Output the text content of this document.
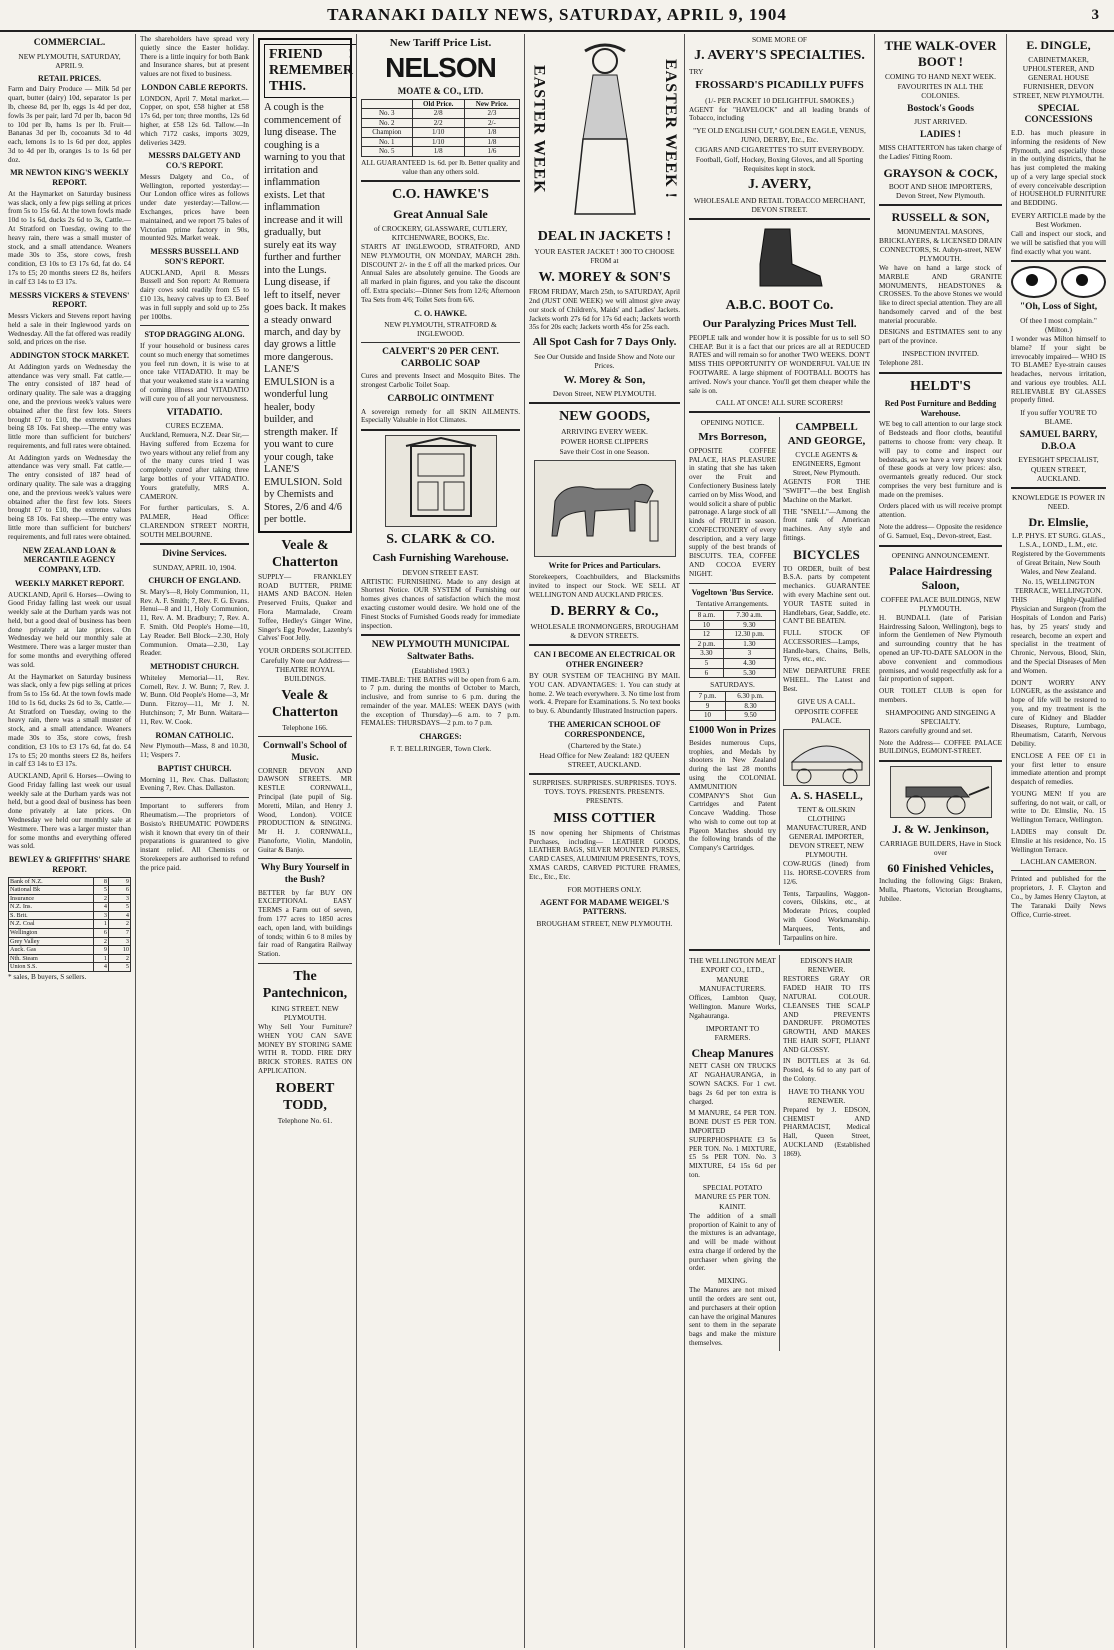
TARANAKI DAILY NEWS, SATURDAY, APRIL 9, 1904	3
COMMERCIAL.
NEW PLYMOUTH, SATURDAY, APRIL 9.
RETAIL PRICES.
Farm and Dairy Produce — Milk 5d per quart, butter (dairy) 10d, separator 1s per lb, cheese 8d, per lb, eggs 1s 4d per doz, fowls 3s per pair, lard 7d per lb, bacon 9d to 10d per lb, hams 1s per lb. Fruit—Bananas 3d per lb, cocoanuts 3d to 4d each, lemons 1s to 1s 6d per doz, apples 3d to 4d per lb, oranges 1s to 1s 6d per doz.
MR NEWTON KING'S WEEKLY REPORT.
At the Haymarket on Saturday business was slack, only a few pigs selling at prices from 5s to 15s 6d. At the town fowls made 10d to 1s 6d, ducks 2s 6d to 3s, Cattle.—At Stratford on Tuesday, owing to the heavy rain, there was a small muster of stock, and a small attendance. Weaners made 30s to 35s, store cows, fresh condition, £3 10s to £3 17s 6d, fat do. £4 17s to £5; 20 months steers £2 8s, heifers in calf £3 14s to £3 17s.
MESSRS VICKERS & STEVENS' REPORT.
Messrs Vickers and Stevens report having held a sale in their Inglewood yards on Wednesday. All the fat offered was readily sold, and prices on the rise.
ADDINGTON STOCK MARKET.
At Addington yards on Wednesday the attendance was very small. Fat cattle.—The entry consisted of 187 head of ordinary quality. The sale was a dragging one, and the previous week's values were obtained after the first few lots. Steers brought £7 to £10, the extreme values being £8 10s. Fat sheep.—The entry was little more than sufficient for butchers' requirements, and full rates were obtained.
At Addington yards on Wednesday the attendance was very small. Fat cattle.—The entry consisted of 187 head of ordinary quality. The sale was a dragging one, and the previous week's values were obtained after the first few lots. Steers brought £7 to £10, the extreme values being £8 10s. Fat sheep.—The entry was little more than sufficient for butchers' requirements, and full rates were obtained.
NEW ZEALAND LOAN & MERCANTILE AGENCY COMPANY, LTD.
WEEKLY MARKET REPORT.
AUCKLAND, April 6. Horses—Owing to Good Friday falling last week our usual weekly sale at the Durham yards was not held, but a good deal of business has been done privately at late prices. On Wednesday we held our monthly sale at Westmere. There was a larger muster than for some months and everything offered was sold.
At the Haymarket on Saturday business was slack, only a few pigs selling at prices from 5s to 15s 6d. At the town fowls made 10d to 1s 6d, ducks 2s 6d to 3s, Cattle.—At Stratford on Tuesday, owing to the heavy rain, there was a small muster of stock, and a small attendance. Weaners made 30s to 35s, store cows, fresh condition, £3 10s to £3 17s 6d, fat do. £4 17s to £5; 20 months steers £2 8s, heifers in calf £3 14s to £3 17s.
AUCKLAND, April 6. Horses—Owing to Good Friday falling last week our usual weekly sale at the Durham yards was not held, but a good deal of business has been done privately at late prices. On Wednesday we held our monthly sale at Westmere. There was a larger muster than for some months and everything offered was sold.
BEWLEY & GRIFFITHS' SHARE REPORT.
Bank of N.Z.	8	9
National Bk	5	6
Insurance	2	3
N.Z. Ins.	4	5
S. Brit.	3	4
N.Z. Coal	1	2
Wellington	6	7
Grey Valley	2	3
Auck. Gas	9	10
Nth. Steam	1	2
Union S.S.	4	5
* sales, B buyers, S sellers.
The shareholders have spread very quietly since the Easter holiday. There is a little inquiry for both Bank and Insurance shares, but at present values are not fixed to business.
LONDON CABLE REPORTS.
LONDON, April 7. Metal market.—Copper, on spot, £58 higher at £58 17s 6d, per ton; three months, 12s 6d higher, at £58 12s 6d. Tallow.—In which 7172 casks, imports 3029, deliveries 3429.
MESSRS DALGETY AND CO.'S REPORT.
Messrs Dalgety and Co., of Wellington, reported yesterday:— Our London office wires as follows under date yesterday:—Tallow.—Exchanges, prices have been maintained, and we report 75 bales of Victorian prime factory in 90s, mounted 92s. Market weak.
MESSRS BUSSELL AND SON'S REPORT.
AUCKLAND, April 8. Messrs Bussell and Son report: At Remuera dairy cows sold readily from £5 to £10 13s, heavy calves up to £3. Beef was in full supply and sold up to 25s per 100lbs.
STOP DRAGGING ALONG.
If your household or business cares count so much energy that sometimes you feel run down, it is wise to at once take VITADATIO. It may be that your weakened state is a warning of coming illness and VITADATIO will cure you of all your nervousness.
VITADATIO.
CURES ECZEMA.
Auckland, Remuera, N.Z. Dear Sir,—Having suffered from Eczema for two years without any relief from any of the many cures tried I was completely cured after taking three large bottles of your VITADATIO. Yours gratefully, MRS A. CAMERON.
For further particulars, S. A. PALMER, Head Office: CLARENDON STREET NORTH, SOUTH MELBOURNE.
Divine Services.
SUNDAY, APRIL 10, 1904.
CHURCH OF ENGLAND.
St. Mary's—8, Holy Communion, 11, Rev. A. F. Smith; 7, Rev. F. G. Evans. Henui—8 and 11, Holy Communion, 11, Rev. A. M. Bradbury; 7, Rev. A. F. Smith. Old People's Home—10, Lay Reader. Bell Block—2.30, Holy Communion. Omata—2.30, Lay Reader.
METHODIST CHURCH.
Whiteley Memorial—11, Rev. Cornell, Rev. J. W. Bunn; 7, Rev. J. W. Bunn. Old People's Home—3, Mr Dunn. Fitzroy—11, Mr J. N. Hutchinson; 7, Mr Bunn. Waitara—11, Rev. W. Cook.
ROMAN CATHOLIC.
New Plymouth—Mass, 8 and 10.30, 11; Vespers 7.
BAPTIST CHURCH.
Morning 11, Rev. Chas. Dallaston; Evening 7, Rev. Chas. Dallaston.
Important to sufferers from Rheumatism.—The proprietors of Bosisto's RHEUMATIC POWDERS wish it known that every tin of their preparations is guaranteed to give instant relief. All Chemists or Storekeepers are authorised to refund the price paid.
FRIEND ! REMEMBER THIS.
A cough is the commencement of lung disease. The coughing is a warning to you that irritation and inflammation exists. Let that inflammation increase and it will gradually, but surely eat its way further and further into the Lungs. Lung disease, if left to itself, never goes back. It makes a steady onward march, and day by day grows a little more dangerous. LANE'S EMULSION is a wonderful lung healer, body builder, and strength maker. If you want to cure your cough, take LANE'S EMULSION. Sold by Chemists and Stores, 2/6 and 4/6 per bottle.
Veale & Chatterton
SUPPLY— FRANKLEY ROAD BUTTER, PRIME HAMS AND BACON. Helen Preserved Fruits, Quaker and Flora Marmalade, Cream Toffee, Hedley's Ginger Wine, Singer's Egg Powder, Lazenby's Calves' Foot Jelly.
YOUR ORDERS SOLICITED.
Carefully Note our Address— THEATRE ROYAL BUILDINGS.
Veale & Chatterton
Telephone 166.
Cornwall's School of Music.
CORNER DEVON AND DAWSON STREETS. MR KESTLE CORNWALL, Principal (late pupil of Sig. Moretti, Milan, and Henry J. Wood, London). VOICE PRODUCTION & SINGING. Mr H. J. CORNWALL, Pianoforte, Violin, Mandolin, Guitar & Banjo.
Why Bury Yourself in the Bush?
BETTER by far BUY ON EXCEPTIONAL EASY TERMS a Farm out of seven, from 177 acres to 1850 acres each, open land, with buildings of tonds; within 6 to 8 miles by fair road of Rangatira Railway Station.
The Pantechnicon,
KING STREET. NEW PLYMOUTH.
Why Sell Your Furniture? WHEN YOU CAN SAVE MONEY BY STORING SAME WITH R. TODD. FIRE DRY BRICK STORES. RATES ON APPLICATION.
ROBERT TODD,
Telephone No. 61.
New Tariff Price List.
NELSON
MOATE & CO., LTD.
	Old Price.	New Price.
No. 3	2/8	2/3
No. 2	2/2	2/-
Champion	1/10	1/8
No. 1	1/10	1/8
No. 5	1/8	1/6
ALL GUARANTEED 1s. 6d. per lb. Better quality and value than any others sold.
C.O. HAWKE'S
Great Annual Sale
of CROCKERY, GLASSWARE, CUTLERY, KITCHENWARE, BOOKS, Etc.
STARTS AT INGLEWOOD, STRATFORD, AND NEW PLYMOUTH, ON MONDAY, MARCH 28th. DISCOUNT 2/- in the £ off all the marked prices. Our Annual Sales are absolutely genuine. The Goods are all marked in plain figures, and you take the discount off. Extra specials:—Dinner Sets from 12/6; Afternoon Tea Sets from 4/6; Toilet Sets from 6/6.
C. O. HAWKE.
NEW PLYMOUTH, STRATFORD & INGLEWOOD.
CALVERT'S 20 PER CENT. CARBOLIC SOAP
Cures and prevents Insect and Mosquito Bites. The strongest Carbolic Toilet Soap.
CARBOLIC OINTMENT
A sovereign remedy for all SKIN AILMENTS. Especially Valuable in Hot Climates.
S. CLARK & CO.
Cash Furnishing Warehouse.
DEVON STREET EAST.
ARTISTIC FURNISHING. Made to any design at Shortest Notice. OUR SYSTEM of Furnishing our homes gives chances of satisfaction which the most exacting customer would desire. We hold one of the Finest Stocks of Furnished Goods ready for immediate inspection.
NEW PLYMOUTH MUNICIPAL Saltwater Baths.
(Established 1903.)
TIME-TABLE: THE BATHS will be open from 6 a.m. to 7 p.m. during the months of October to March, inclusive, and from sunrise to 6 p.m. during the remainder of the year. MALES: WEEK DAYS (with the exception of Thursday)—6 a.m. to 7 p.m. FEMALES: THURSDAYS—2 p.m. to 7 p.m.
CHARGES:
F. T. BELLRINGER, Town Clerk.
EASTER WEEK	EASTER WEEK !
DEAL IN JACKETS !
YOUR EASTER JACKET ! 300 TO CHOOSE FROM at
W. MOREY & SON'S
FROM FRIDAY, March 25th, to SATURDAY, April 2nd (JUST ONE WEEK) we will almost give away our stock of Children's, Maids' and Ladies' Jackets. Jackets worth 27s 6d for 17s 6d each; Jackets worth 35s for 20s each; Jackets worth 45s for 25s each.
All Spot Cash for 7 Days Only.
See Our Outside and Inside Show and Note our Prices.
W. Morey & Son,
Devon Street, NEW PLYMOUTH.
NEW GOODS,
ARRIVING EVERY WEEK.
POWER HORSE CLIPPERS
Save their Cost in one Season.
Write for Prices and Particulars.
Storekeepers, Coachbuilders, and Blacksmiths invited to inspect our Stock. WE SELL AT WELLINGTON AND AUCKLAND PRICES.
D. BERRY & Co.,
WHOLESALE IRONMONGERS, BROUGHAM & DEVON STREETS.
CAN I BECOME AN ELECTRICAL OR OTHER ENGINEER?
BY OUR SYSTEM OF TEACHING BY MAIL YOU CAN. ADVANTAGES: 1. You can study at home. 2. We teach everywhere. 3. No time lost from work. 4. Prepare for Examinations. 5. No text books to buy. 6. Abundantly Illustrated Instruction papers.
THE AMERICAN SCHOOL OF CORRESPONDENCE,
(Chartered by the State.)
Head Office for New Zealand: 182 QUEEN STREET, AUCKLAND.
SURPRISES. SURPRISES. SURPRISES. TOYS. TOYS. TOYS. PRESENTS. PRESENTS. PRESENTS.
MISS COTTIER
IS now opening her Shipments of Christmas Purchases, including— LEATHER GOODS, LEATHER BAGS, SILVER MOUNTED PURSES, CARD CASES, ALUMINIUM PRESENTS, TOYS, XMAS CARDS, CARVED PICTURE FRAMES, Etc., Etc., Etc.
FOR MOTHERS ONLY.
AGENT FOR MADAME WEIGEL'S PATTERNS.
BROUGHAM STREET, NEW PLYMOUTH.
SOME MORE OF
J. AVERY'S SPECIALTIES.
TRY
FROSSARD'S PICADILLY PUFFS
(1/- PER PACKET 10 DELIGHTFUL SMOKES.)
AGENT for "HAVELOCK" and all leading brands of Tobacco, including
"YE OLD ENGLISH CUT," GOLDEN EAGLE, VENUS, JUNO, DERBY, Etc., Etc.
CIGARS AND CIGARETTES TO SUIT EVERYBODY.
Football, Golf, Hockey, Boxing Gloves, and all Sporting Requisites kept in stock.
J. AVERY,
WHOLESALE AND RETAIL TOBACCO MERCHANT, DEVON STREET.
A.B.C. BOOT Co.
Our Paralyzing Prices Must Tell.
PEOPLE talk and wonder how it is possible for us to sell SO CHEAP. But it is a fact that our prices are all at REDUCED RATES and will remain so for another TWO WEEKS. DON'T MISS THIS OPPORTUNITY OF WONDERFUL VALUE IN FOOTWARE. A large shipment of FOOTBALL BOOTS has arrived. Now's your chance. You'll get them cheaper while the sale is on.
CALL AT ONCE! ALL SURE SCORERS!
OPENING NOTICE.
Mrs Borreson,
OPPOSITE COFFEE PALACE, HAS PLEASURE in stating that she has taken over the Fruit and Confectionery Business lately carried on by Miss Wood, and would solicit a share of public patronage. A large stock of all kinds of FRUIT in season. CONFECTIONERY of every description, and a very large supply of the best brands of BISCUITS. TEA, COFFEE AND COCOA EVERY NIGHT.
Vogeltown 'Bus Service.
Tentative Arrangements.
8 a.m.	7.30 a.m.
10	9.30
12	12.30 p.m.
2 p.m.	1.30
3.30	3
5	4.30
6	5.30
SATURDAYS.
7 p.m.	6.30 p.m.
9	8.30
10	9.50
£1000 Won in Prizes
Besides numerous Cups, trophies, and Medals by shooters in New Zealand during the last 28 months using the COLONIAL AMMUNITION COMPANY'S Shot Gun Cartridges and Patent Concave Wadding. Those who wish to come out top at Pigeon Matches should try the following brands of the Company's Cartridges.
CAMPBELL AND GEORGE,
CYCLE AGENTS & ENGINEERS, Egmont Street, New Plymouth.
AGENTS FOR THE "SWIFT"—the best English Machine on the Market.
THE "SNELL"—Among the front rank of American machines. Any style and fittings.
BICYCLES
TO ORDER, built of best B.S.A. parts by competent mechanics. GUARANTEE with every Machine sent out. YOUR TASTE suited in Handlebars, Gear, Saddle, etc. CAN'T BE BEATEN.
FULL STOCK OF ACCESSORIES—Lamps, Handle-bars, Chains, Bells, Tyres, etc., etc.
NEW DEPARTURE FREE WHEEL. The Latest and Best.
GIVE US A CALL.
OPPOSITE COFFEE PALACE.
A. S. HASELL,
TENT & OILSKIN CLOTHING MANUFACTURER, AND GENERAL IMPORTER, DEVON STREET, NEW PLYMOUTH.
COW-RUGS (lined) from 11s. HORSE-COVERS from 12/6.
Tents, Tarpaulins, Waggon-covers, Oilskins, etc., at Moderate Prices, coupled with Good Workmanship. Marquees, Tents, and Tarpaulins on hire.
THE WELLINGTON MEAT EXPORT CO., LTD.,
MANURE MANUFACTURERS.
Offices, Lambton Quay, Wellington. Manure Works, Ngahauranga.
IMPORTANT TO FARMERS.
Cheap Manures
NETT CASH ON TRUCKS AT NGAHAURANGA, in SOWN SACKS. For 1 cwt. bags 2s 6d per ton extra is charged.
M MANURE, £4 PER TON. BONE DUST £5 PER TON. IMPORTED SUPERPHOSPHATE £3 5s PER TON. No. 1 MIXTURE, £5 5s PER TON. No. 3 MIXTURE, £4 15s 6d per ton.
SPECIAL POTATO MANURE £5 PER TON.
KAINIT.
The addition of a small proportion of Kainit to any of the mixtures is an advantage, and will be made without extra charge if ordered by the purchaser when giving the order.
MIXING.
The Manures are not mixed until the orders are sent out, and purchasers at their option can have the original Manures sent to them in the separate bags and make the mixture themselves.
EDISON'S HAIR RENEWER.
RESTORES GRAY OR FADED HAIR TO ITS NATURAL COLOUR. CLEANSES THE SCALP AND PREVENTS DANDRUFF. PROMOTES GROWTH, AND MAKES THE HAIR SOFT, PLIANT AND GLOSSY.
IN BOTTLES at 3s 6d. Posted, 4s 6d to any part of the Colony.
HAVE TO THANK YOU RENEWER.
Prepared by J. EDSON, CHEMIST AND PHARMACIST, Medical Hall, Queen Street, AUCKLAND (Established 1869).
THE WALK-OVER BOOT !
COMING TO HAND NEXT WEEK.
FAVOURITES IN ALL THE COLONIES.
Bostock's Goods
JUST ARRIVED.
LADIES !
MISS CHATTERTON has taken charge of the Ladies' Fitting Room.
GRAYSON & COCK,
BOOT AND SHOE IMPORTERS, Devon Street, New Plymouth.
RUSSELL & SON,
MONUMENTAL MASONS, BRICKLAYERS, & LICENSED DRAIN CONNECTORS, St. Aubyn-street, NEW PLYMOUTH.
We have on hand a large stock of MARBLE AND GRANITE MONUMENTS, HEADSTONES & CROSSES. To the above Stones we would like to direct special attention. They are all handsomely carved and of the best material procurable.
DESIGNS and ESTIMATES sent to any part of the province.
INSPECTION INVITED.
Telephone 281.
HELDT'S
Red Post Furniture and Bedding Warehouse.
WE beg to call attention to our large stock of Bedsteads and floor cloths, beautiful patterns to choose from: very cheap. It will pay to come and inspect our bedsteads, as we have a very heavy stock of these goods at very low prices: also, overmantels greatly reduced. Our stock comprises the very best furniture and is made on the premises.
Orders placed with us will receive prompt attention.
Note the address— Opposite the residence of G. Samuel, Esq., Devon-street, East.
OPENING ANNOUNCEMENT.
Palace Hairdressing Saloon,
COFFEE PALACE BUILDINGS, NEW PLYMOUTH.
H. BUNDALL (late of Parisian Hairdressing Saloon, Wellington), begs to inform the Gentlemen of New Plymouth and surrounding country that he has opened an UP-TO-DATE SALOON in the above convenient and commodious premises, and would respectfully ask for a fair proportion of support.
OUR TOILET CLUB is open for members.
SHAMPOOING AND SINGEING A SPECIALTY.
Razors carefully ground and set.
Note the Address— COFFEE PALACE BUILDINGS, EGMONT-STREET.
J. & W. Jenkinson,
CARRIAGE BUILDERS, Have in Stock over
60 Finished Vehicles,
Including the following Gigs: Braken, Mulla, Phaetons, Victorian Broughams, Jubilee.
E. DINGLE,
CABINETMAKER, UPHOLSTERER, AND GENERAL HOUSE FURNISHER, DEVON STREET, NEW PLYMOUTH.
SPECIAL CONCESSIONS
E.D. has much pleasure in informing the residents of New Plymouth, and especially those in the outlying districts, that he has just completed the making up of a very large special stock of every conceivable description of HOUSEHOLD FURNITURE and BEDDING.
EVERY ARTICLE made by the Best Workmen.
Call and inspect our stock, and we will be satisfied that you will find exactly what you want.
"Oh, Loss of Sight,
Of thee I most complain." (Milton.)
I wonder was Milton himself to blame? If your sight be irrevocably impaired— WHO IS TO BLAME? Eye-strain causes headaches, nervous irritation, and various eye troubles. ALL RELIEVABLE BY GLASSES properly fitted.
If you suffer YOU'RE TO BLAME.
SAMUEL BARRY, D.B.O.A
EYESIGHT SPECIALIST, QUEEN STREET, AUCKLAND.
KNOWLEDGE IS POWER IN NEED.
Dr. Elmslie,
L.P. PHYS. ET SURG. GLAS., L.S.A., LOND., L.M., etc. Registered by the Governments of Great Britain, New South Wales, and New Zealand.
No. 15, WELLINGTON TERRACE, WELLINGTON.
THIS Highly-Qualified Physician and Surgeon (from the Hospitals of London and Paris) has, by 25 years' study and research, become an expert and specialist in the treatment of Chronic, Nervous, Blood, Skin, and the Special Diseases of Men and Women.
DON'T WORRY ANY LONGER, as the assistance and hope of life will be restored to you, and my treatment is the cure of Kidney and Bladder Diseases, Rupture, Lumbago, Rheumatism, Catarrh, Nervous Debility.
ENCLOSE A FEE OF £1 in your first letter to ensure immediate attention and prompt despatch of remedies.
YOUNG MEN! If you are suffering, do not wait, or call, or write to Dr. Elmslie, No. 15 Wellington Terrace, Wellington.
LADIES may consult Dr. Elmslie at his residence, No. 15 Wellington Terrace.
LACHLAN CAMERON.
Printed and published for the proprietors, J. F. Clayton and Co., by James Henry Clayton, at The Taranaki Daily News Office, Currie-street.
